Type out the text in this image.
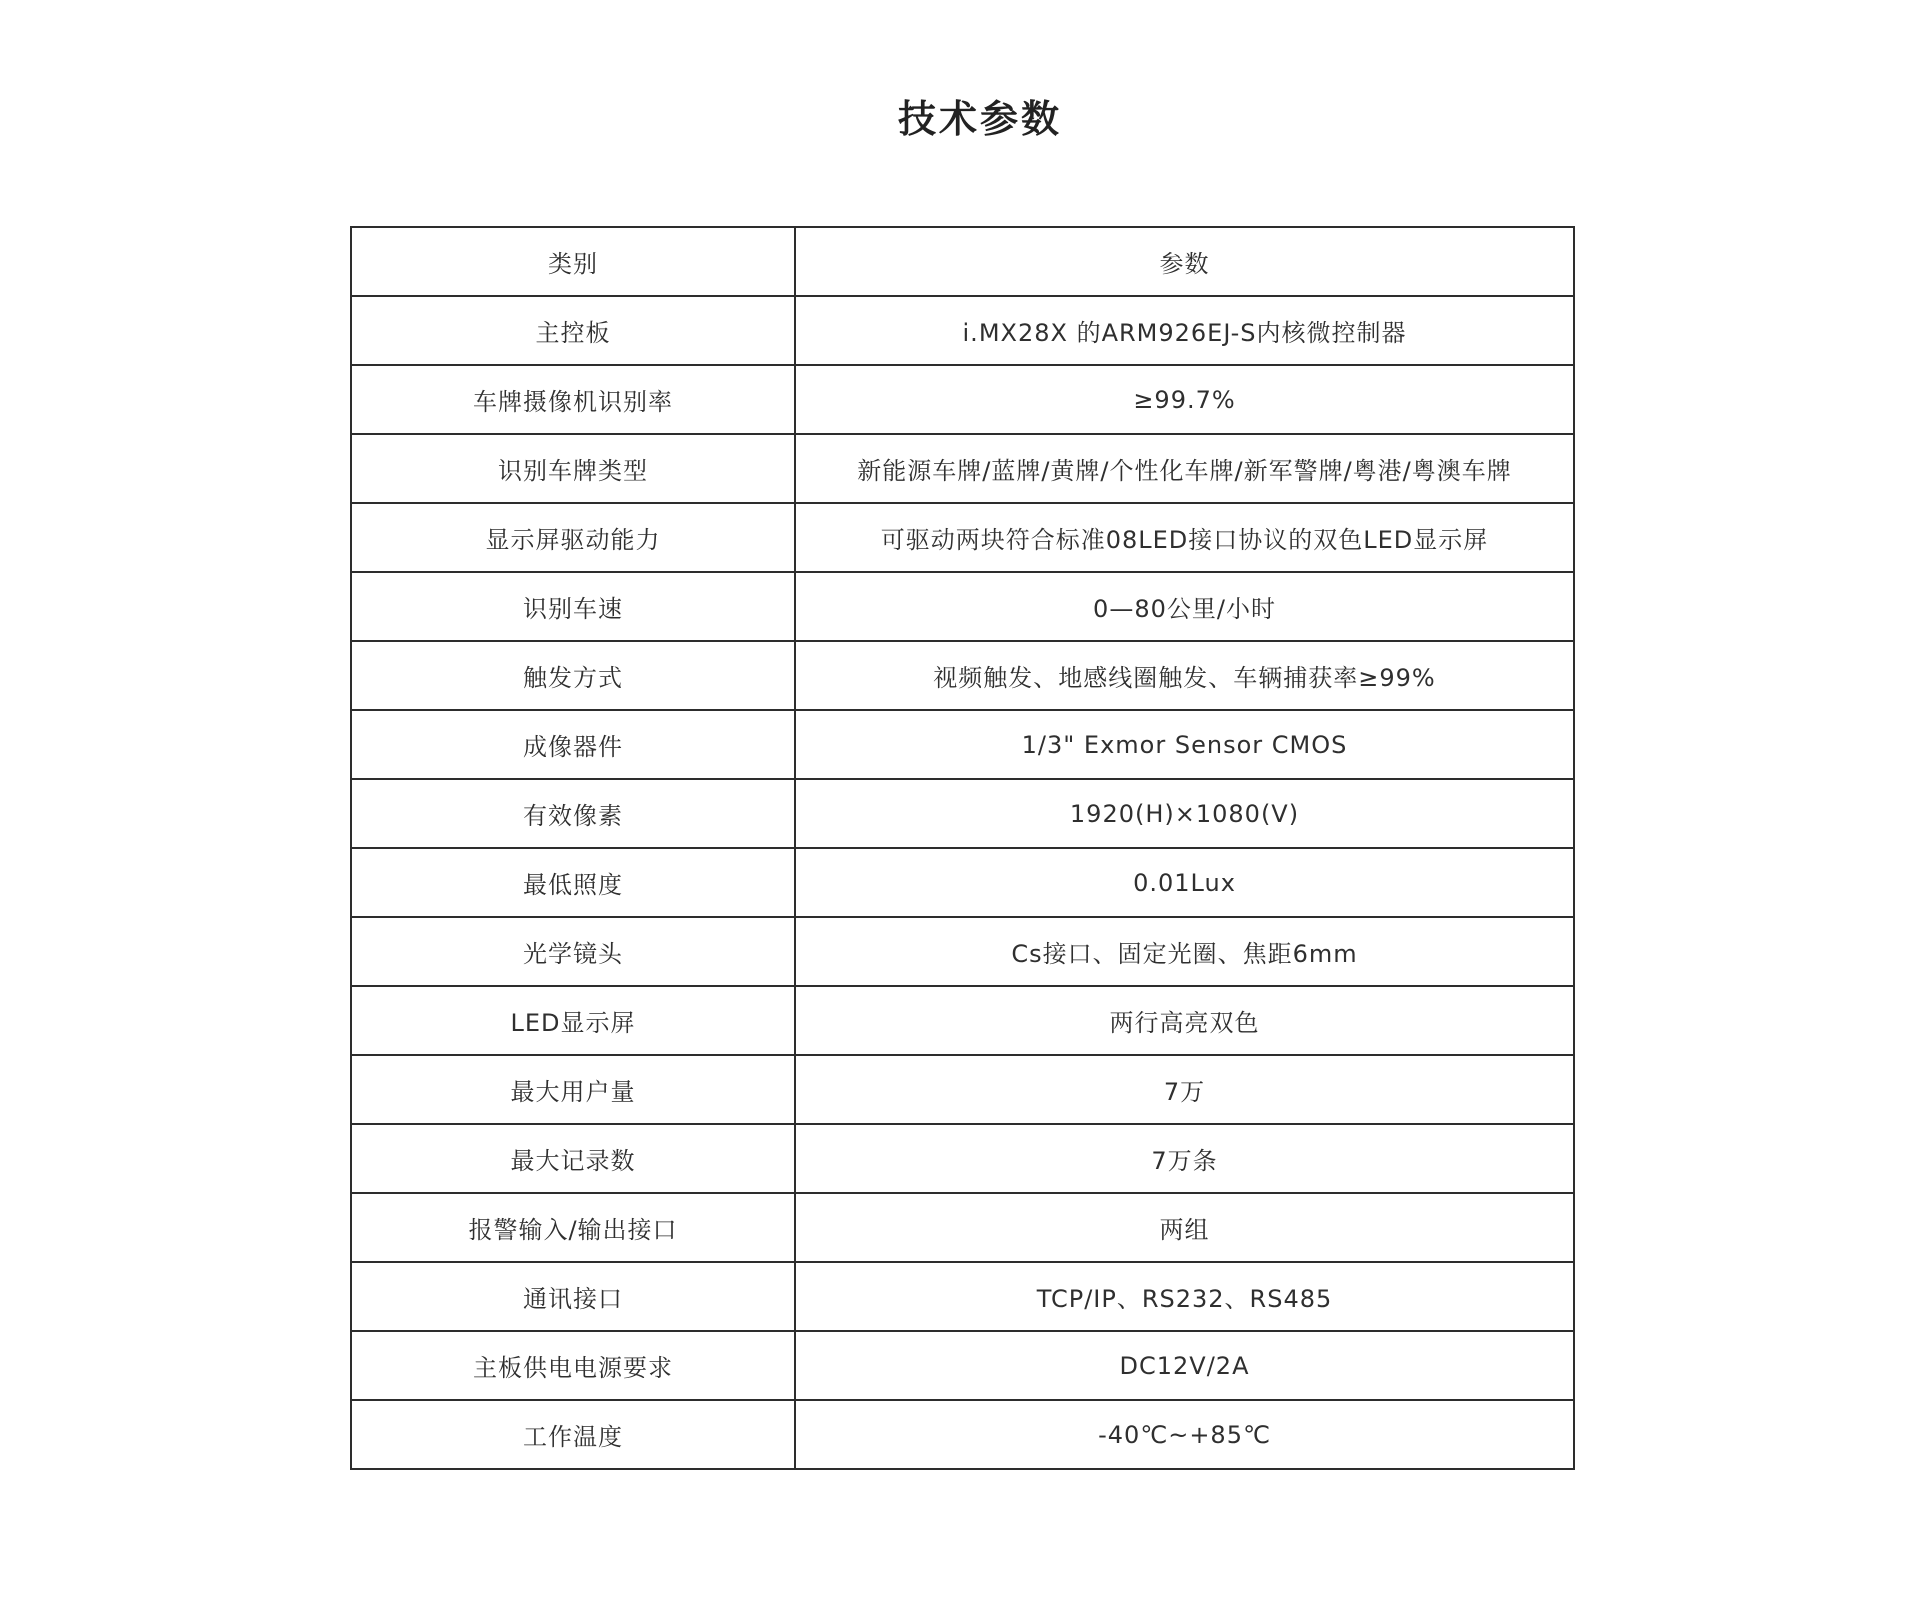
技术参数
类别	参数
主控板	i.MX28X 的ARM926EJ-S内核微控制器
车牌摄像机识别率	≥99.7%
识别车牌类型	新能源车牌/蓝牌/黄牌/个性化车牌/新军警牌/粤港/粤澳车牌
显示屏驱动能力	可驱动两块符合标准08LED接口协议的双色LED显示屏
识别车速	0—80公里/小时
触发方式	视频触发、地感线圈触发、车辆捕获率≥99%
成像器件	1/3" Exmor Sensor CMOS
有效像素	1920(H)×1080(V)
最低照度	0.01Lux
光学镜头	Cs接口、固定光圈、焦距6mm
LED显示屏	两行高亮双色
最大用户量	7万
最大记录数	7万条
报警输入/输出接口	两组
通讯接口	TCP/IP、RS232、RS485
主板供电电源要求	DC12V/2A
工作温度	-40℃~+85℃
